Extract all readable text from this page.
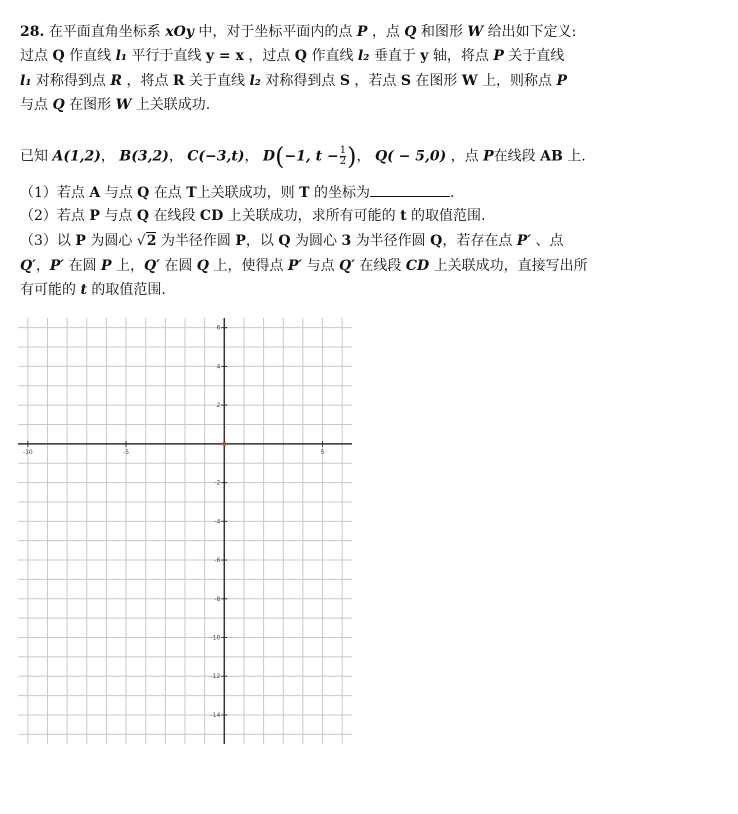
28. 在平面直角坐标系 xOy 中，对于坐标平面内的点 P ，点 Q 和图形 W 给出如下定义:
过点 Q 作直线 l₁ 平行于直线 y = x ，过点 Q 作直线 l₂ 垂直于 y 轴，将点 P 关于直线
l₁ 对称得到点 R ，将点 R 关于直线 l₂ 对称得到点 S ，若点 S 在图形 W 上，则称点 P
与点 Q 在图形 W 上关联成功.
已知 A(1,2)， B(3,2)， C(−3,t)， D(−1, $t - \frac{1}{2}$ )， Q( − 5,0) ，点 P在线段 AB 上.
（1）若点 A 与点 Q 在点 T上关联成功，则 T 的坐标为	.
（2）若点 P 与点 Q 在线段 CD 上关联成功，求所有可能的 t 的取值范围.
（3）以 P 为圆心 √2 为半径作圆 P，以 Q 为圆心 3 为半径作圆 Q，若存在点 P′ 、点
Q′，P′ 在圆 P 上，Q′ 在圆 Q 上，使得点 P′ 与点 Q′ 在线段 CD 上关联成功，直接写出所
有可能的 t 的取值范围.
-10	-5	5
6
4
2
-2
-4
-6
-8
-10
-12
-14
